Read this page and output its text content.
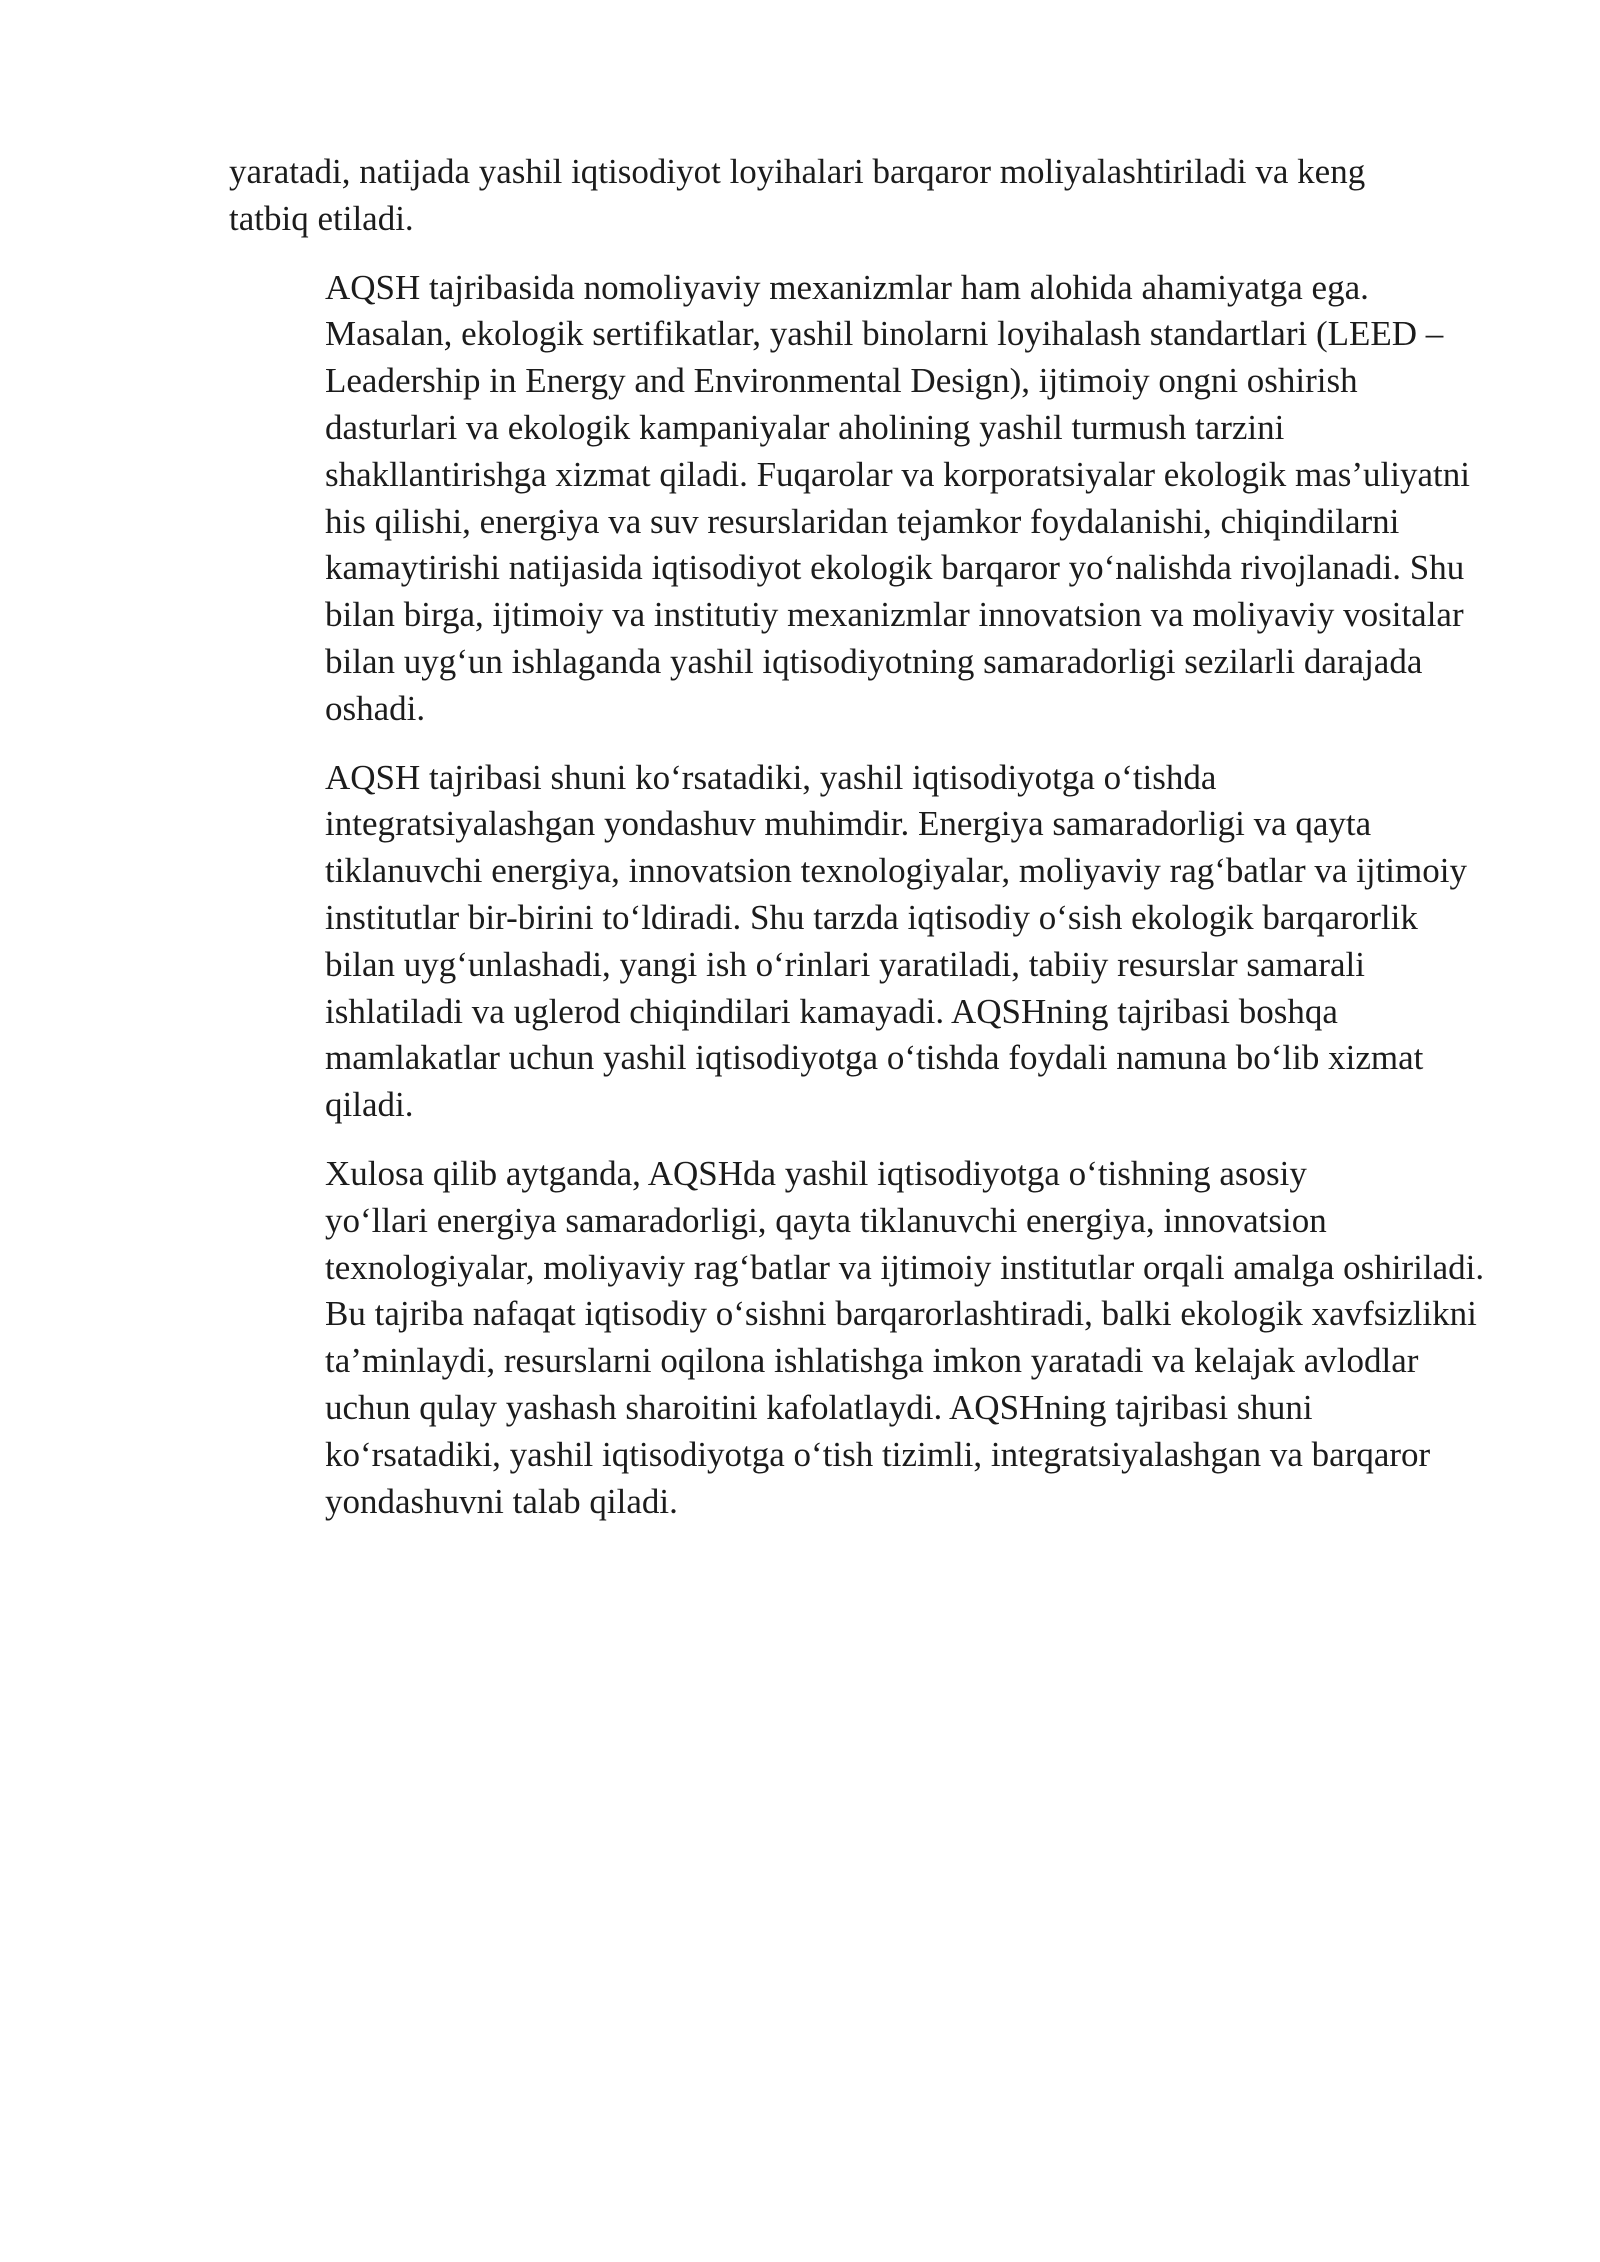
yaratadi, natijada yashil iqtisodiyot loyihalari barqaror moliyalashtiriladi va keng
tatbiq etiladi.

AQSH tajribasida nomoliyaviy mexanizmlar ham alohida ahamiyatga ega.

Masalan, ekologik sertifikatlar, yashil binolarni loyihalash standartlari (LEED –
Leadership in Energy and Environmental Design), ijtimoiy ongni oshirish
dasturlari va ekologik kampaniyalar aholining yashil turmush tarzini
shakllantirishga xizmat qiladi. Fuqarolar va korporatsiyalar ekologik mas’uliyatni
his qilishi, energiya va suv resurslaridan tejamkor foydalanishi, chiqindilarni
kamaytirishi natijasida iqtisodiyot ekologik barqaror yo‘nalishda rivojlanadi. Shu
bilan birga, ijtimoiy va institutiy mexanizmlar innovatsion va moliyaviy vositalar
bilan uyg‘un ishlaganda yashil iqtisodiyotning samaradorligi sezilarli darajada
oshadi.

AQSH tajribasi shuni ko‘rsatadiki, yashil iqtisodiyotga o‘tishda

integratsiyalashgan yondashuv muhimdir. Energiya samaradorligi va qayta
tiklanuvchi energiya, innovatsion texnologiyalar, moliyaviy rag‘batlar va ijtimoiy
institutlar bir-birini to‘ldiradi. Shu tarzda iqtisodiy o‘sish ekologik barqarorlik
bilan uyg‘unlashadi, yangi ish o‘rinlari yaratiladi, tabiiy resurslar samarali
ishlatiladi va uglerod chiqindilari kamayadi. AQSHning tajribasi boshqa
mamlakatlar uchun yashil iqtisodiyotga o‘tishda foydali namuna bo‘lib xizmat
qiladi.

Xulosa qilib aytganda, AQSHda yashil iqtisodiyotga o‘tishning asosiy

yo‘llari energiya samaradorligi, qayta tiklanuvchi energiya, innovatsion
texnologiyalar, moliyaviy rag‘batlar va ijtimoiy institutlar orqali amalga oshiriladi.
Bu tajriba nafaqat iqtisodiy o‘sishni barqarorlashtiradi, balki ekologik xavfsizlikni
ta’minlaydi, resurslarni oqilona ishlatishga imkon yaratadi va kelajak avlodlar
uchun qulay yashash sharoitini kafolatlaydi. AQSHning tajribasi shuni
ko‘rsatadiki, yashil iqtisodiyotga o‘tish tizimli, integratsiyalashgan va barqaror
yondashuvni talab qiladi.
